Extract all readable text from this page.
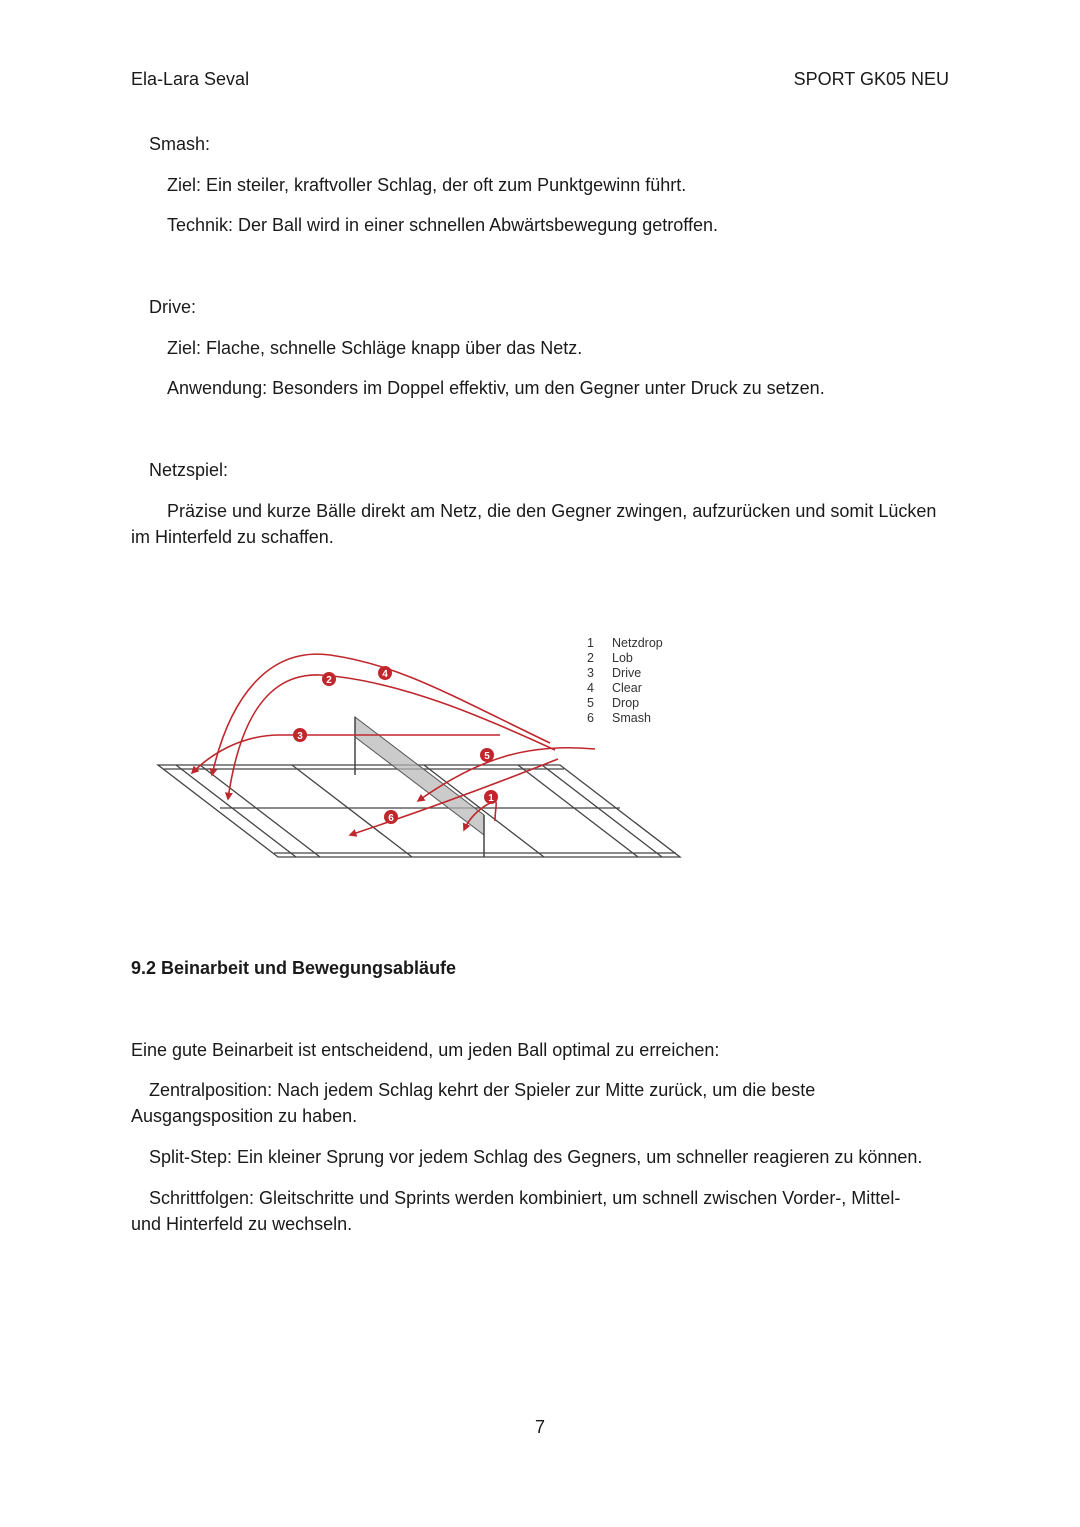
Ela-Lara Seval	SPORT GK05 NEU
Smash:
Ziel: Ein steiler, kraftvoller Schlag, der oft zum Punktgewinn führt.
Technik: Der Ball wird in einer schnellen Abwärtsbewegung getroffen.
Drive:
Ziel: Flache, schnelle Schläge knapp über das Netz.
Anwendung: Besonders im Doppel effektiv, um den Gegner unter Druck zu setzen.
Netzspiel:
Präzise und kurze Bälle direkt am Netz, die den Gegner zwingen, aufzurücken und somit Lücken
im Hinterfeld zu schaffen.
1
2
3
4
5
6
1 Netzdrop
2 Lob
3 Drive
4 Clear
5 Drop
6 Smash
9.2 Beinarbeit und Bewegungsabläufe
Eine gute Beinarbeit ist entscheidend, um jeden Ball optimal zu erreichen:
Zentralposition: Nach jedem Schlag kehrt der Spieler zur Mitte zurück, um die beste
Ausgangsposition zu haben.
Split-Step: Ein kleiner Sprung vor jedem Schlag des Gegners, um schneller reagieren zu können.
Schrittfolgen: Gleitschritte und Sprints werden kombiniert, um schnell zwischen Vorder-, Mittel-
und Hinterfeld zu wechseln.
7
